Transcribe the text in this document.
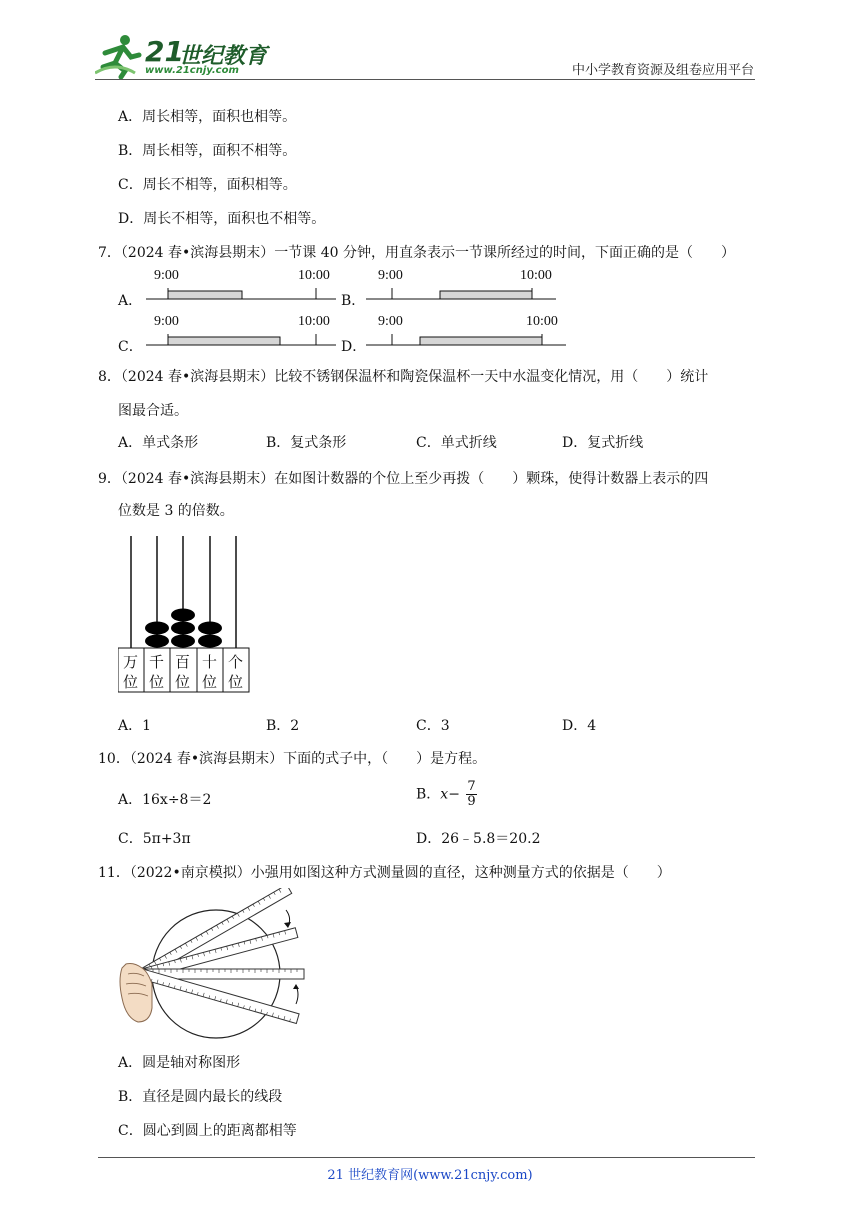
21
世纪教育
www.21cnjy.com	中小学教育资源及组卷应用平台
A．周长相等，面积也相等。
B．周长相等，面积不相等。
C．周长不相等，面积相等。
D．周长不相等，面积也不相等。
7．（2024 春•滨海县期末）一节课 40 分钟，用直条表示一节课所经过的时间，下面正确的是（　　）
A．	B．
C．	D．
9:00	10:00	9:00	10:00
9:00	10:00	9:00	10:00
8．（2024 春•滨海县期末）比较不锈钢保温杯和陶瓷保温杯一天中水温变化情况，用（　　）统计
图最合适。
A．单式条形	B．复式条形	C．单式折线	D．复式折线
9．（2024 春•滨海县期末）在如图计数器的个位上至少再拨（　　）颗珠，使得计数器上表示的四
位数是 3 的倍数。
万
位
千
位
百
位
十
位
个
位
A．1	B．2	C．3	D．4
10．（2024 春•滨海县期末）下面的式子中，（　　）是方程。
A．16x÷8＝2	B．$x- \frac{7}{9}$
C．5π+3π	D．26﹣5.8＝20.2
11．（2022•南京模拟）小强用如图这种方式测量圆的直径，这种测量方式的依据是（　　）
A．圆是轴对称图形
B．直径是圆内最长的线段
C．圆心到圆上的距离都相等
21 世纪教育网(www.21cnjy.com)
